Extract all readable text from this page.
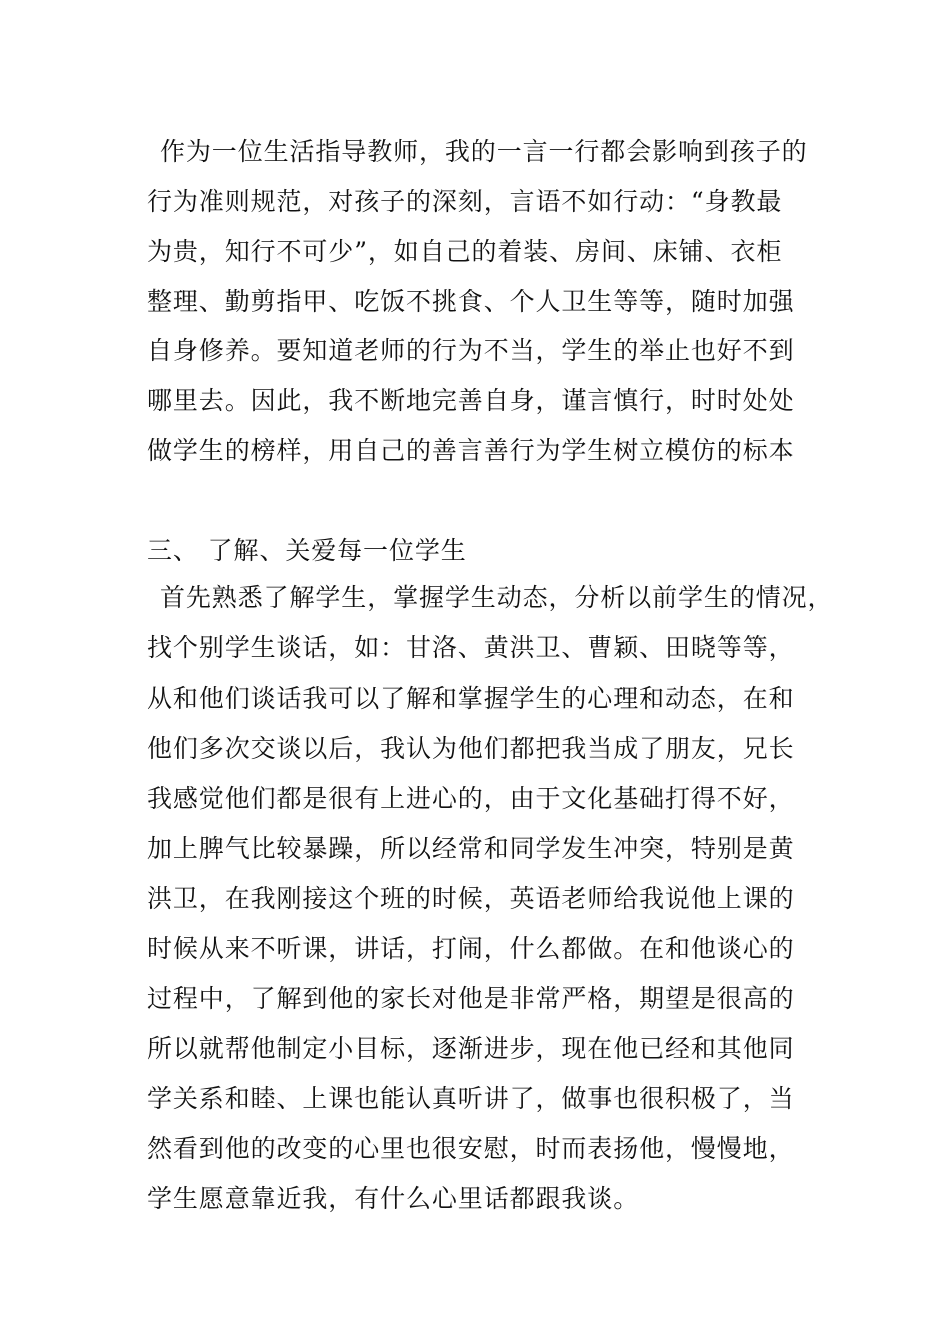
作为一位生活指导教师，我的一言一行都会影响到孩子的
行为准则规范，对孩子的深刻，言语不如行动：“身教最
为贵，知行不可少”，如自己的着装、房间、床铺、衣柜
整理、勤剪指甲、吃饭不挑食、个人卫生等等，随时加强
自身修养。要知道老师的行为不当，学生的举止也好不到
哪里去。因此，我不断地完善自身，谨言慎行，时时处处
做学生的榜样，用自己的善言善行为学生树立模仿的标本
三、 了解、关爱每一位学生
首先熟悉了解学生，掌握学生动态，分析以前学生的情况，
找个别学生谈话，如：甘洛、黄洪卫、曹颖、田晓等等，
从和他们谈话我可以了解和掌握学生的心理和动态，在和
他们多次交谈以后，我认为他们都把我当成了朋友，兄长
我感觉他们都是很有上进心的，由于文化基础打得不好，
加上脾气比较暴躁，所以经常和同学发生冲突，特别是黄
洪卫，在我刚接这个班的时候，英语老师给我说他上课的
时候从来不听课，讲话，打闹，什么都做。在和他谈心的
过程中，了解到他的家长对他是非常严格，期望是很高的
所以就帮他制定小目标，逐渐进步，现在他已经和其他同
学关系和睦、上课也能认真听讲了，做事也很积极了，当
然看到他的改变的心里也很安慰，时而表扬他，慢慢地，
学生愿意靠近我，有什么心里话都跟我谈。
